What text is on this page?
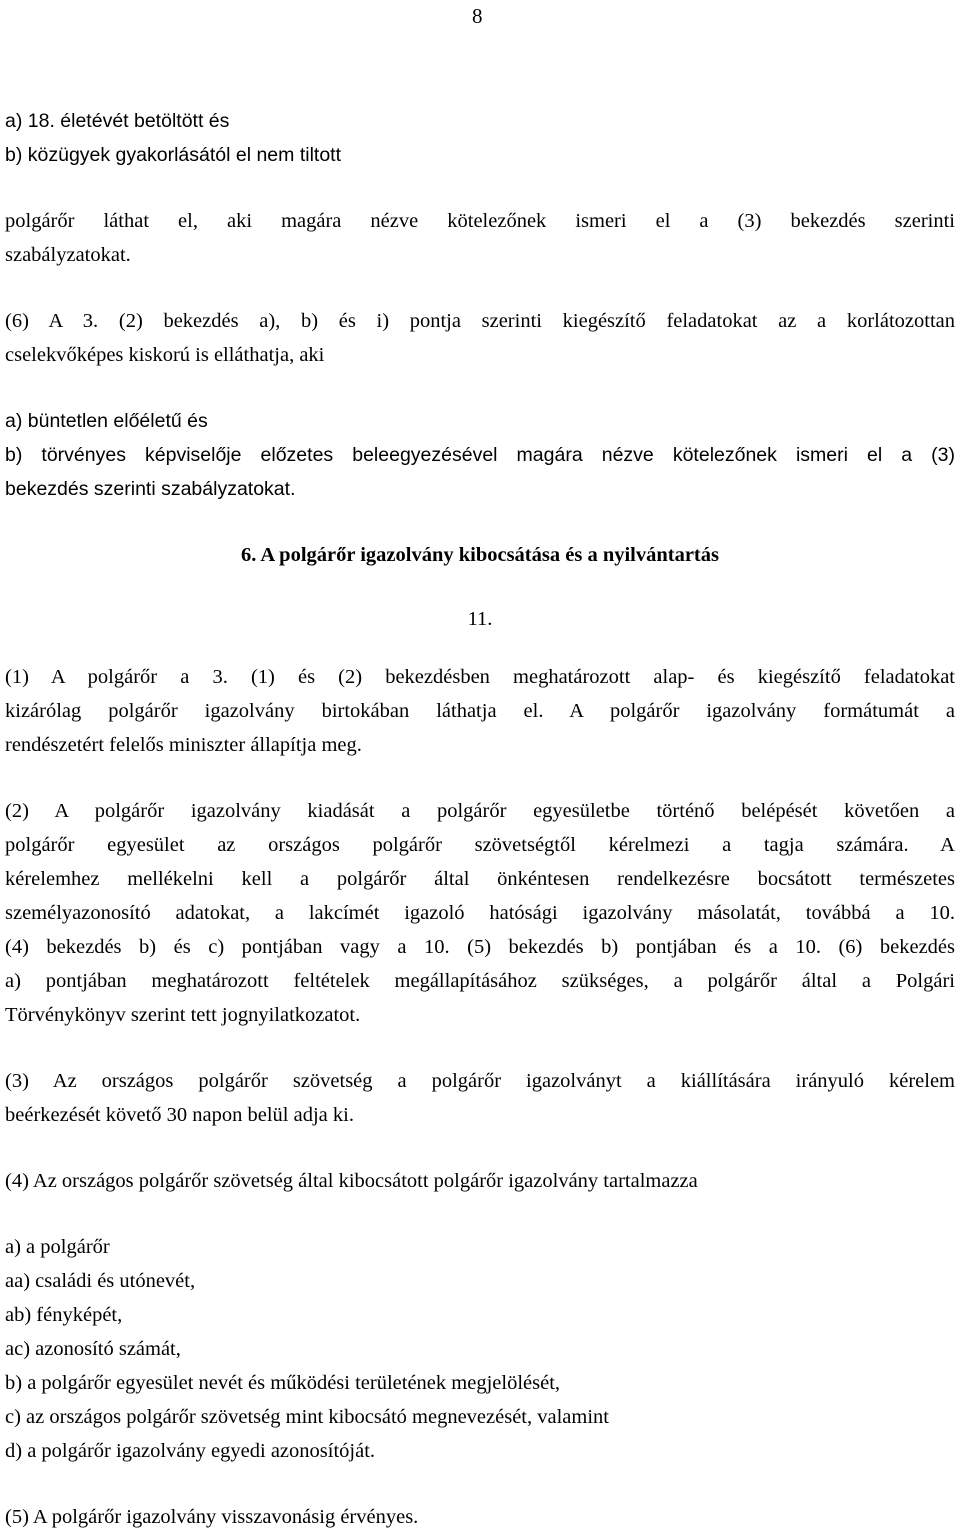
8
a) 18. életévét betöltött és
b) közügyek gyakorlásától el nem tiltott
polgárőr láthat el, aki magára nézve kötelezőnek ismeri el a (3) bekezdés szerinti
szabályzatokat.
(6) A 3. (2) bekezdés a), b) és i) pontja szerinti kiegészítő feladatokat az a korlátozottan
cselekvőképes kiskorú is elláthatja, aki
a) büntetlen előéletű és
b) törvényes képviselője előzetes beleegyezésével magára nézve kötelezőnek ismeri el a (3)
bekezdés szerinti szabályzatokat.
6. A polgárőr igazolvány kibocsátása és a nyilvántartás
11.
(1) A polgárőr a 3. (1) és (2) bekezdésben meghatározott alap- és kiegészítő feladatokat
kizárólag polgárőr igazolvány birtokában láthatja el. A polgárőr igazolvány formátumát a
rendészetért felelős miniszter állapítja meg.
(2) A polgárőr igazolvány kiadását a polgárőr egyesületbe történő belépését követően a
polgárőr egyesület az országos polgárőr szövetségtől kérelmezi a tagja számára. A
kérelemhez mellékelni kell a polgárőr által önkéntesen rendelkezésre bocsátott természetes
személyazonosító adatokat, a lakcímét igazoló hatósági igazolvány másolatát, továbbá a 10.
(4) bekezdés b) és c) pontjában vagy a 10. (5) bekezdés b) pontjában és a 10. (6) bekezdés
a) pontjában meghatározott feltételek megállapításához szükséges, a polgárőr által a Polgári
Törvénykönyv szerint tett jognyilatkozatot.
(3) Az országos polgárőr szövetség a polgárőr igazolványt a kiállítására irányuló kérelem
beérkezését követő 30 napon belül adja ki.
(4) Az országos polgárőr szövetség által kibocsátott polgárőr igazolvány tartalmazza
a) a polgárőr
aa) családi és utónevét,
ab) fényképét,
ac) azonosító számát,
b) a polgárőr egyesület nevét és működési területének megjelölését,
c) az országos polgárőr szövetség mint kibocsátó megnevezését, valamint
d) a polgárőr igazolvány egyedi azonosítóját.
(5) A polgárőr igazolvány visszavonásig érvényes.
